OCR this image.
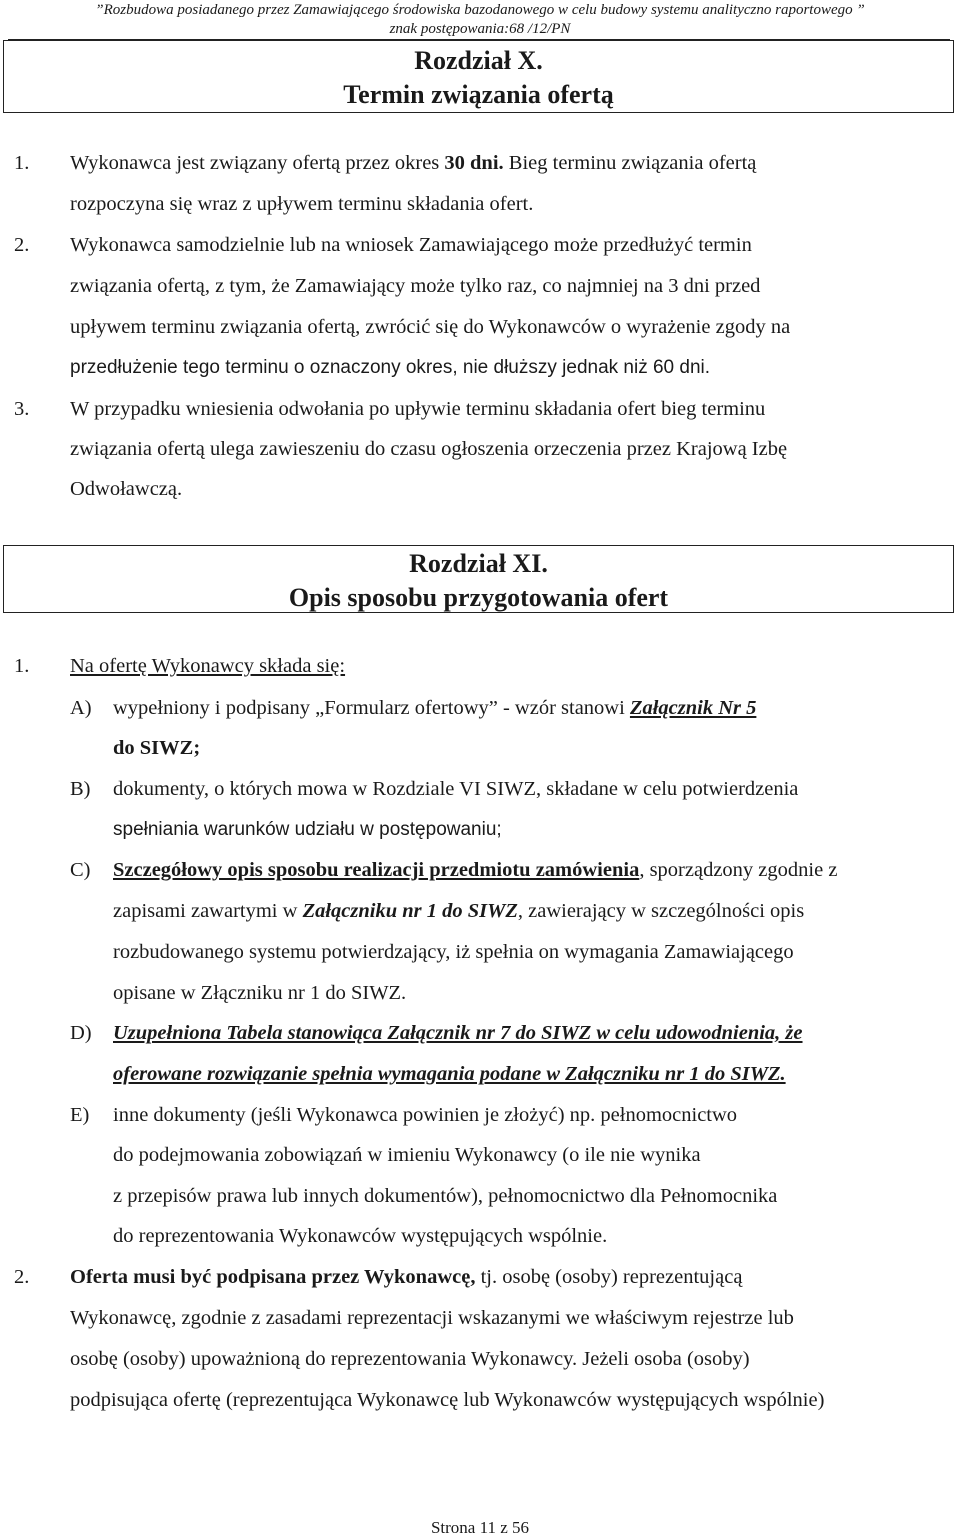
”Rozbudowa posiadanego przez Zamawiającego środowiska bazodanowego w celu budowy systemu analityczno raportowego ”
znak postępowania:68 /12/PN
Rozdział X.
Termin związania ofertą
1. Wykonawca jest związany ofertą przez okres 30 dni. Bieg terminu związania ofertą
rozpoczyna się wraz z upływem terminu składania ofert.
2. Wykonawca samodzielnie lub na wniosek Zamawiającego może przedłużyć termin
związania ofertą, z tym, że Zamawiający może tylko raz, co najmniej na 3 dni przed
upływem terminu związania ofertą, zwrócić się do Wykonawców o wyrażenie zgody na
przedłużenie tego terminu o oznaczony okres, nie dłuższy jednak niż 60 dni.
3. W przypadku wniesienia odwołania po upływie terminu składania ofert bieg terminu
związania ofertą ulega zawieszeniu do czasu ogłoszenia orzeczenia przez Krajową Izbę
Odwoławczą.
Rozdział XI.
Opis sposobu przygotowania ofert
1. Na ofertę Wykonawcy składa się:
A) wypełniony i podpisany „Formularz ofertowy” - wzór stanowi Załącznik Nr 5
do SIWZ;
B) dokumenty, o których mowa w Rozdziale VI SIWZ, składane w celu potwierdzenia
spełniania warunków udziału w postępowaniu;
C) Szczegółowy opis sposobu realizacji przedmiotu zamówienia, sporządzony zgodnie z
zapisami zawartymi w Załączniku nr 1 do SIWZ, zawierający w szczególności opis
rozbudowanego systemu potwierdzający, iż spełnia on wymagania Zamawiającego
opisane w Złączniku nr 1 do SIWZ.
D) Uzupełniona Tabela stanowiąca Załącznik nr 7 do SIWZ w celu udowodnienia, że
oferowane rozwiązanie spełnia wymagania podane w Załączniku nr 1 do SIWZ.
E) inne dokumenty (jeśli Wykonawca powinien je złożyć) np. pełnomocnictwo
do podejmowania zobowiązań w imieniu Wykonawcy (o ile nie wynika
z przepisów prawa lub innych dokumentów), pełnomocnictwo dla Pełnomocnika
do reprezentowania Wykonawców występujących wspólnie.
2. Oferta musi być podpisana przez Wykonawcę, tj. osobę (osoby) reprezentującą
Wykonawcę, zgodnie z zasadami reprezentacji wskazanymi we właściwym rejestrze lub
osobę (osoby) upoważnioną do reprezentowania Wykonawcy. Jeżeli osoba (osoby)
podpisująca ofertę (reprezentująca Wykonawcę lub Wykonawców występujących wspólnie)
Strona 11 z 56
